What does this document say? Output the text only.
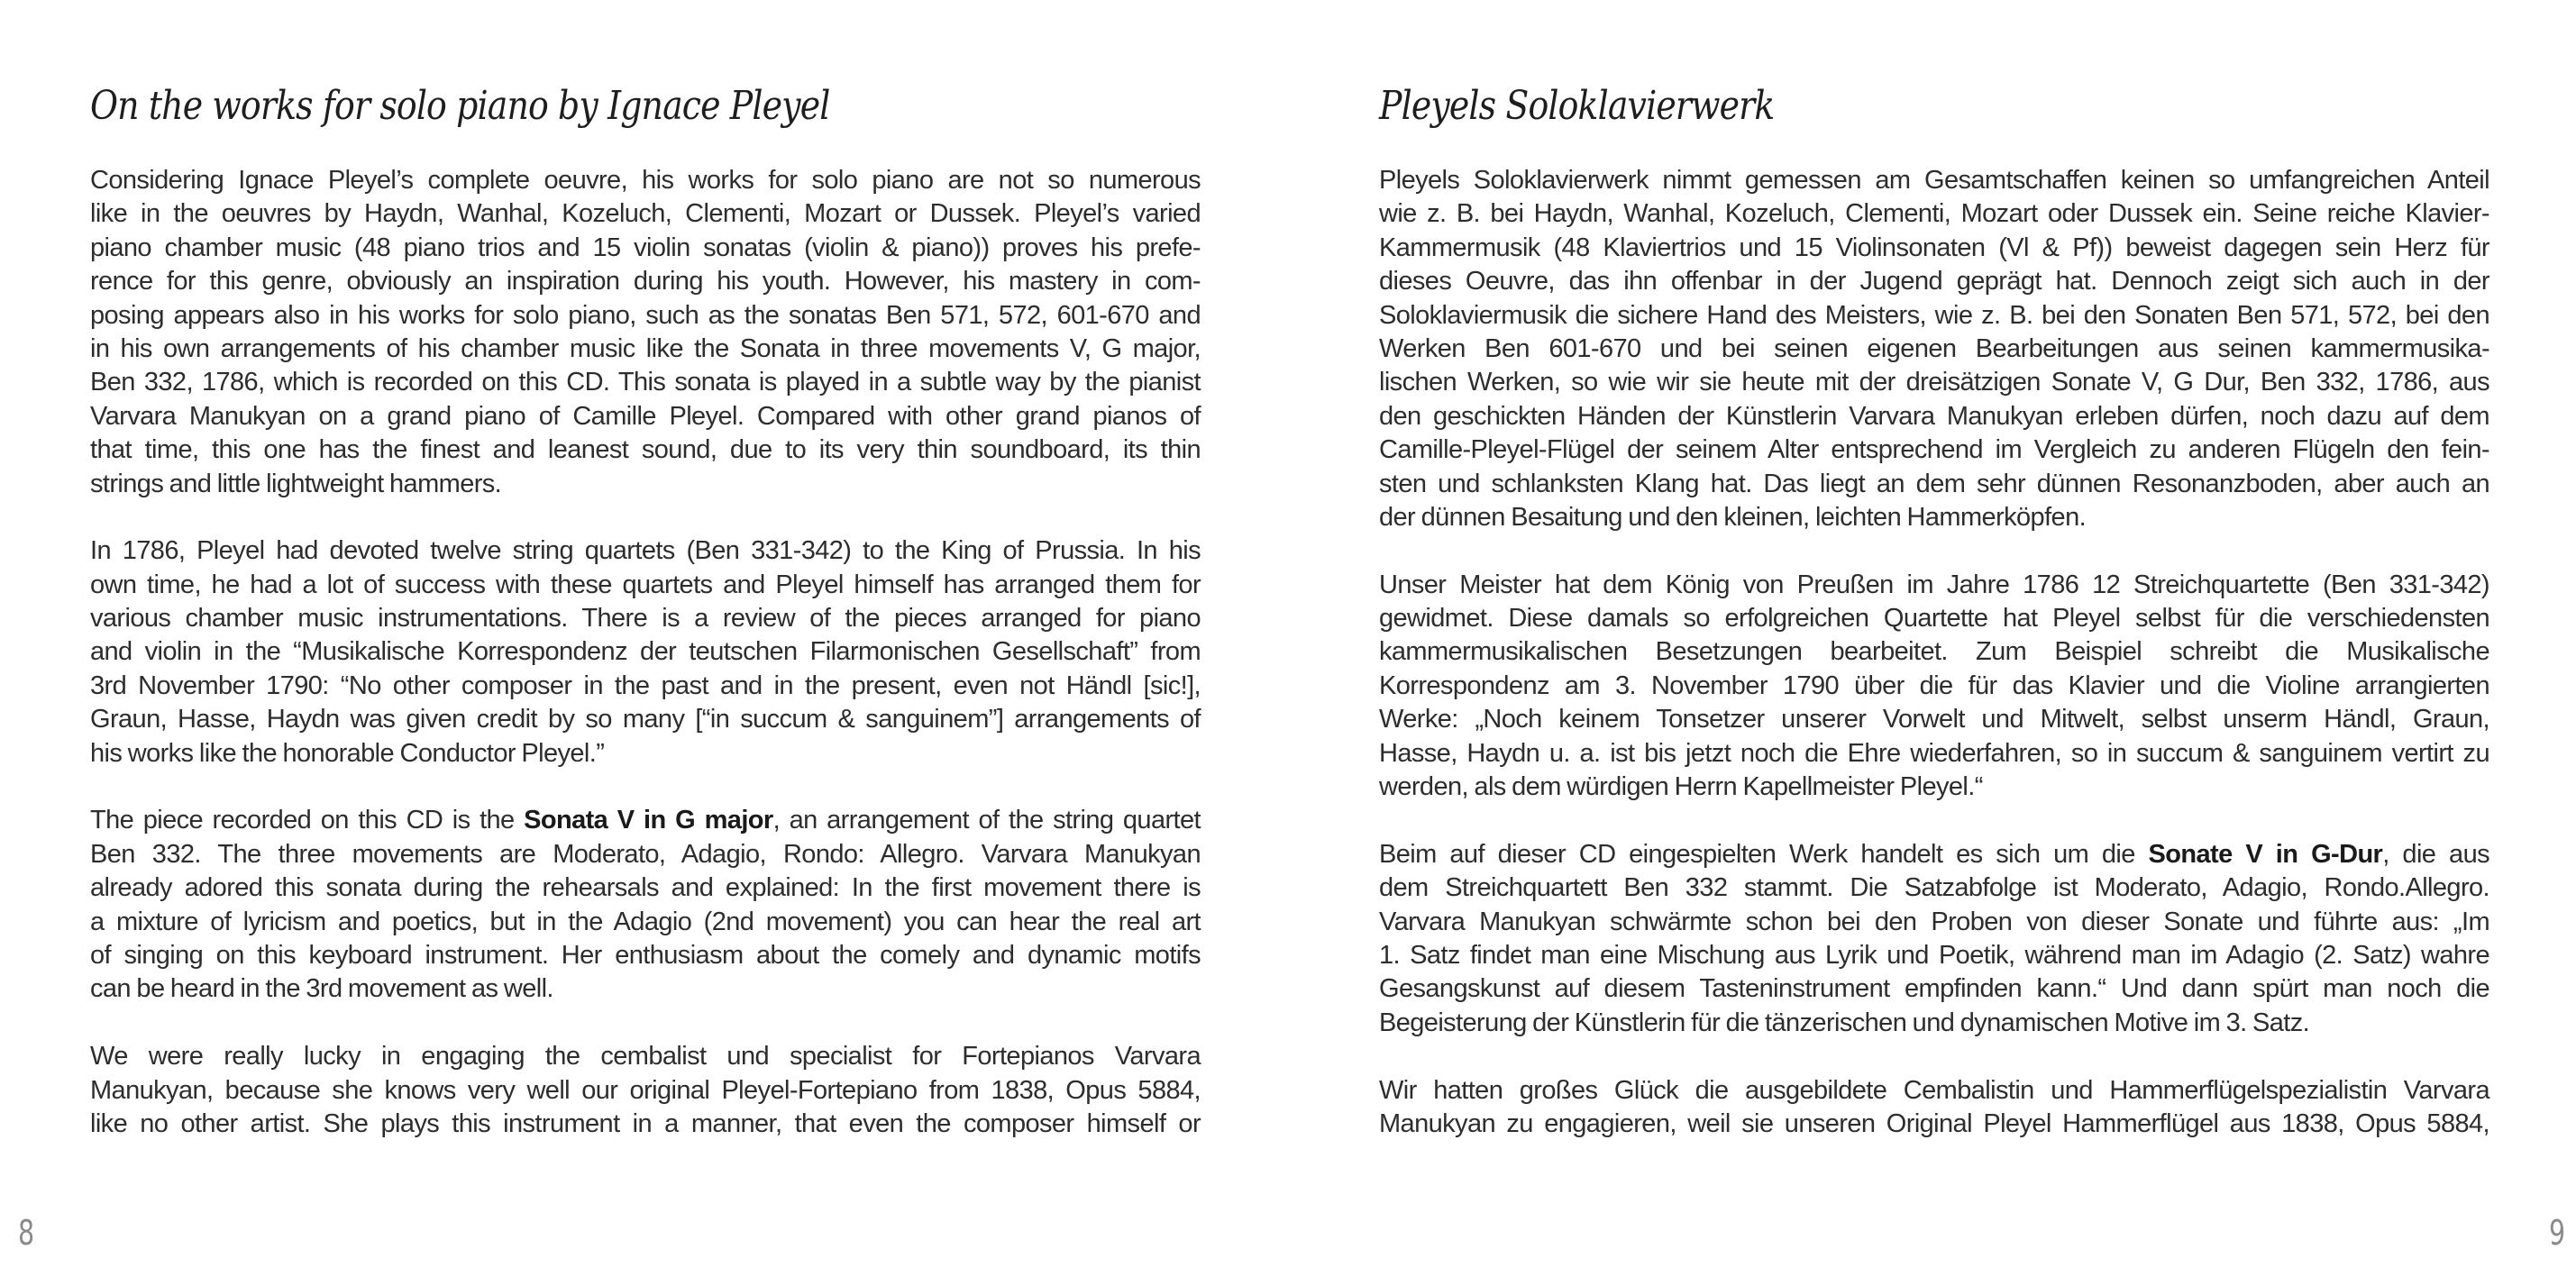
On the works for solo piano by Ignace Pleyel

Considering Ignace Pleyel’s complete oeuvre, his works for solo piano are not so numerous
like in the oeuvres by Haydn, Wanhal, Kozeluch, Clementi, Mozart or Dussek. Pleyel’s varied
piano chamber music (48 piano trios and 15 violin sonatas (violin & piano)) proves his prefe-
rence for this genre, obviously an inspiration during his youth. However, his mastery in com-
posing appears also in his works for solo piano, such as the sonatas Ben 571, 572, 601-670 and
in his own arrangements of his chamber music like the Sonata in three movements V, G major,
Ben 332, 1786, which is recorded on this CD. This sonata is played in a subtle way by the pianist
Varvara Manukyan on a grand piano of Camille Pleyel. Compared with other grand pianos of
that time, this one has the finest and leanest sound, due to its very thin soundboard, its thin
strings and little lightweight hammers.

In 1786, Pleyel had devoted twelve string quartets (Ben 331-342) to the King of Prussia. In his
own time, he had a lot of success with these quartets and Pleyel himself has arranged them for
various chamber music instrumentations. There is a review of the pieces arranged for piano
and violin in the “Musikalische Korrespondenz der teutschen Filarmonischen Gesellschaft” from
3rd November 1790: “No other composer in the past and in the present, even not Händl [sic!],
Graun, Hasse, Haydn was given credit by so many [“in succum & sanguinem”] arrangements of
his works like the honorable Conductor Pleyel.”

The piece recorded on this CD is the Sonata V in G major, an arrangement of the string quartet
Ben 332. The three movements are Moderato, Adagio, Rondo: Allegro. Varvara Manukyan
already adored this sonata during the rehearsals and explained: In the first movement there is
a mixture of lyricism and poetics, but in the Adagio (2nd movement) you can hear the real art
of singing on this keyboard instrument. Her enthusiasm about the comely and dynamic motifs
can be heard in the 3rd movement as well.

We were really lucky in engaging the cembalist und specialist for Fortepianos Varvara
Manukyan, because she knows very well our original Pleyel-Fortepiano from 1838, Opus 5884,
like no other artist. She plays this instrument in a manner, that even the composer himself or

8
Pleyels Soloklavierwerk

Pleyels Soloklavierwerk nimmt gemessen am Gesamtschaffen keinen so umfangreichen Anteil
wie z. B. bei Haydn, Wanhal, Kozeluch, Clementi, Mozart oder Dussek ein. Seine reiche Klavier-
Kammermusik (48 Klaviertrios und 15 Violinsonaten (Vl & Pf)) beweist dagegen sein Herz für
dieses Oeuvre, das ihn offenbar in der Jugend geprägt hat. Dennoch zeigt sich auch in der
Soloklaviermusik die sichere Hand des Meisters, wie z. B. bei den Sonaten Ben 571, 572, bei den
Werken Ben 601-670 und bei seinen eigenen Bearbeitungen aus seinen kammermusika-
lischen Werken, so wie wir sie heute mit der dreisätzigen Sonate V, G Dur, Ben 332, 1786, aus
den geschickten Händen der Künstlerin Varvara Manukyan erleben dürfen, noch dazu auf dem
Camille-Pleyel-Flügel der seinem Alter entsprechend im Vergleich zu anderen Flügeln den fein-
sten und schlanksten Klang hat. Das liegt an dem sehr dünnen Resonanzboden, aber auch an
der dünnen Besaitung und den kleinen, leichten Hammerköpfen.

Unser Meister hat dem König von Preußen im Jahre 1786 12 Streichquartette (Ben 331-342)
gewidmet. Diese damals so erfolgreichen Quartette hat Pleyel selbst für die verschiedensten
kammermusikalischen Besetzungen bearbeitet. Zum Beispiel schreibt die Musikalische
Korrespondenz am 3. November 1790 über die für das Klavier und die Violine arrangierten
Werke: „Noch keinem Tonsetzer unserer Vorwelt und Mitwelt, selbst unserm Händl, Graun,
Hasse, Haydn u. a. ist bis jetzt noch die Ehre wiederfahren, so in succum & sanguinem vertirt zu
werden, als dem würdigen Herrn Kapellmeister Pleyel.“

Beim auf dieser CD eingespielten Werk handelt es sich um die Sonate V in G-Dur, die aus
dem Streichquartett Ben 332 stammt. Die Satzabfolge ist Moderato, Adagio, Rondo.Allegro.
Varvara Manukyan schwärmte schon bei den Proben von dieser Sonate und führte aus: „Im
1. Satz findet man eine Mischung aus Lyrik und Poetik, während man im Adagio (2. Satz) wahre
Gesangskunst auf diesem Tasteninstrument empfinden kann.“ Und dann spürt man noch die
Begeisterung der Künstlerin für die tänzerischen und dynamischen Motive im 3. Satz.

Wir hatten großes Glück die ausgebildete Cembalistin und Hammerflügelspezialistin Varvara
Manukyan zu engagieren, weil sie unseren Original Pleyel Hammerflügel aus 1838, Opus 5884,

9
